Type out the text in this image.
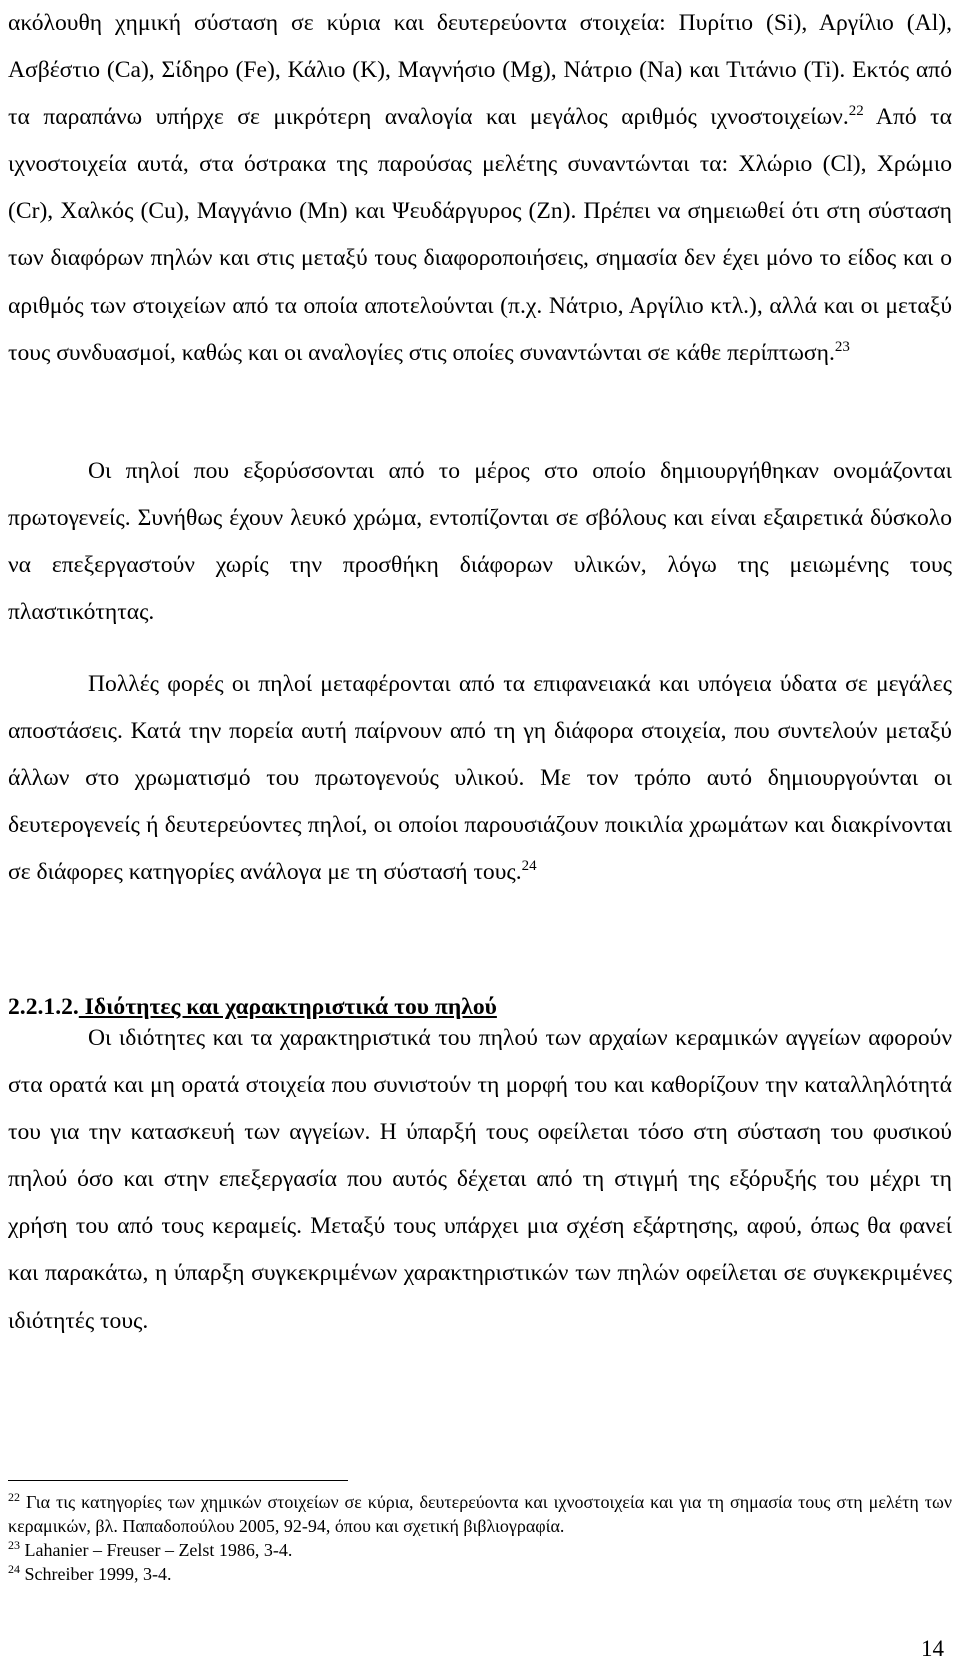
ακόλουθη χημική σύσταση σε κύρια και δευτερεύοντα στοιχεία: Πυρίτιο (Si), Αργίλιο (Al), Ασβέστιο (Ca), Σίδηρο (Fe), Κάλιο (K), Μαγνήσιο (Mg), Νάτριο (Na) και Τιτάνιο (Ti). Εκτός από τα παραπάνω υπήρχε σε μικρότερη αναλογία και μεγάλος αριθμός ιχνοστοιχείων.$^{22}$ Από τα ιχνοστοιχεία αυτά, στα όστρακα της παρούσας μελέτης συναντώνται τα: Χλώριο (Cl), Χρώμιο (Cr), Χαλκός (Cu), Μαγγάνιο (Mn) και Ψευδάργυρος (Zn). Πρέπει να σημειωθεί ότι στη σύσταση των διαφόρων πηλών και στις μεταξύ τους διαφοροποιήσεις, σημασία δεν έχει μόνο το είδος και ο αριθμός των στοιχείων από τα οποία αποτελούνται (π.χ. Νάτριο, Αργίλιο κτλ.), αλλά και οι μεταξύ τους συνδυασμοί, καθώς και οι αναλογίες στις οποίες συναντώνται σε κάθε περίπτωση.$^{23}$

Οι πηλοί που εξορύσσονται από το μέρος στο οποίο δημιουργήθηκαν ονομάζονται πρωτογενείς. Συνήθως έχουν λευκό χρώμα, εντοπίζονται σε σβόλους και είναι εξαιρετικά δύσκολο να επεξεργαστούν χωρίς την προσθήκη διάφορων υλικών, λόγω της μειωμένης τους πλαστικότητας.

Πολλές φορές οι πηλοί μεταφέρονται από τα επιφανειακά και υπόγεια ύδατα σε μεγάλες αποστάσεις. Κατά την πορεία αυτή παίρνουν από τη γη διάφορα στοιχεία, που συντελούν μεταξύ άλλων στο χρωματισμό του πρωτογενούς υλικού. Με τον τρόπο αυτό δημιουργούνται οι δευτερογενείς ή δευτερεύοντες πηλοί, οι οποίοι παρουσιάζουν ποικιλία χρωμάτων και διακρίνονται σε διάφορες κατηγορίες ανάλογα με τη σύστασή τους.$^{24}$

2.2.1.2. Ιδιότητες και χαρακτηριστικά του πηλού

Οι ιδιότητες και τα χαρακτηριστικά του πηλού των αρχαίων κεραμικών αγγείων αφορούν στα ορατά και μη ορατά στοιχεία που συνιστούν τη μορφή του και καθορίζουν την καταλληλότητά του για την κατασκευή των αγγείων. Η ύπαρξή τους οφείλεται τόσο στη σύσταση του φυσικού πηλού όσο και στην επεξεργασία που αυτός δέχεται από τη στιγμή της εξόρυξής του μέχρι τη χρήση του από τους κεραμείς. Μεταξύ τους υπάρχει μια σχέση εξάρτησης, αφού, όπως θα φανεί και παρακάτω, η ύπαρξη συγκεκριμένων χαρακτηριστικών των πηλών οφείλεται σε συγκεκριμένες ιδιότητές τους.

$^{22}$ Για τις κατηγορίες των χημικών στοιχείων σε κύρια, δευτερεύοντα και ιχνοστοιχεία και για τη σημασία τους στη μελέτη των κεραμικών, βλ. Παπαδοπούλου 2005, 92-94, όπου και σχετική βιβλιογραφία.

$^{23}$ Lahanier – Freuser – Zelst 1986, 3-4.

$^{24}$ Schreiber 1999, 3-4.

14
